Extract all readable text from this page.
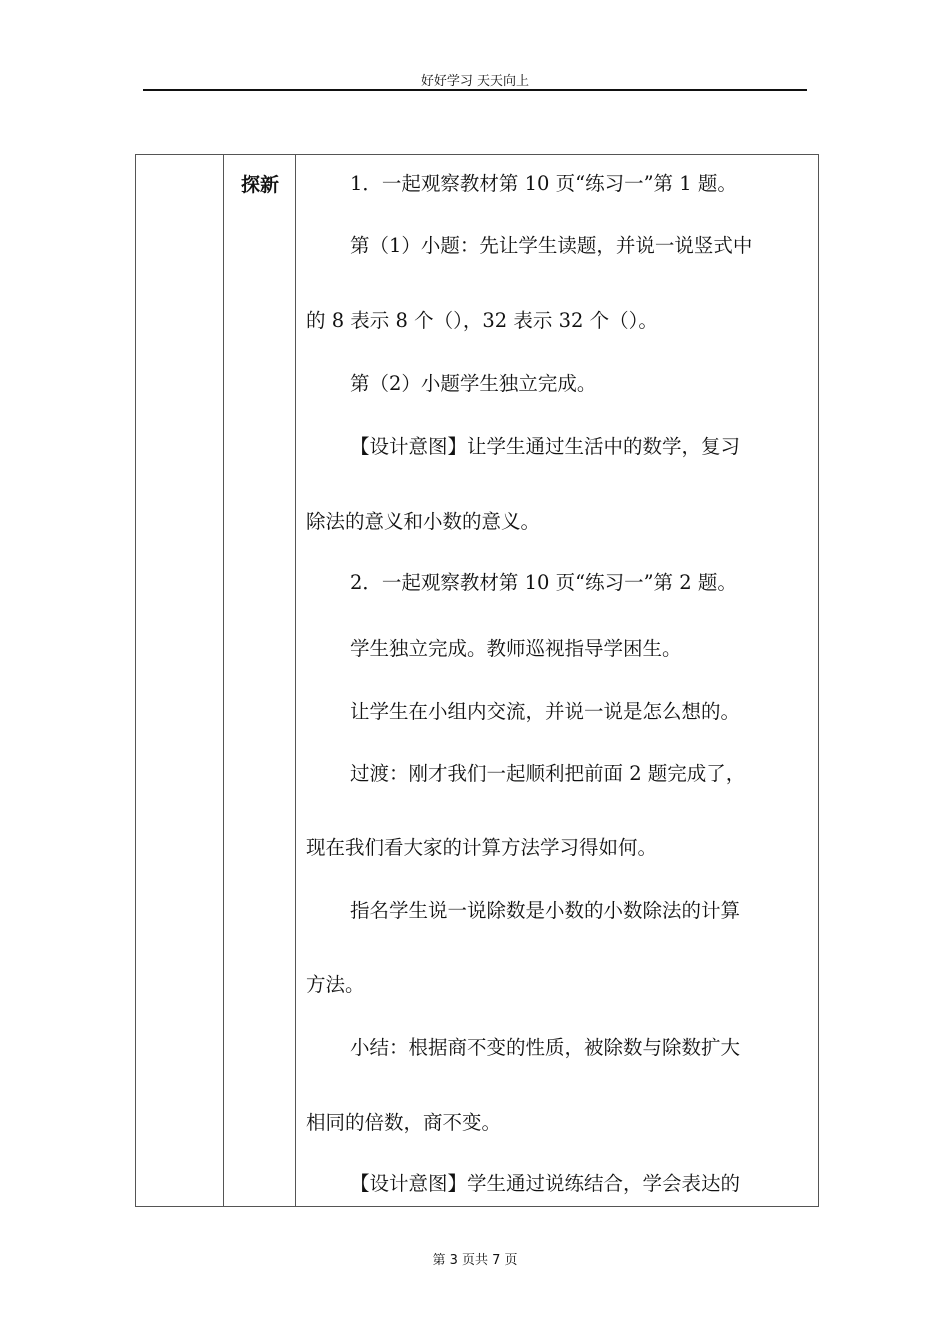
好好学习 天天向上
探新	1．一起观察教材第 10 页“练习一”第 1 题。
第（1）小题：先让学生读题，并说一说竖式中
的 8 表示 8 个（），32 表示 32 个（）。
第（2）小题学生独立完成。
【设计意图】让学生通过生活中的数学，复习
除法的意义和小数的意义。
2．一起观察教材第 10 页“练习一”第 2 题。
学生独立完成。教师巡视指导学困生。
让学生在小组内交流，并说一说是怎么想的。
过渡：刚才我们一起顺利把前面 2 题完成了，
现在我们看大家的计算方法学习得如何。
指名学生说一说除数是小数的小数除法的计算
方法。
小结：根据商不变的性质，被除数与除数扩大
相同的倍数，商不变。
【设计意图】学生通过说练结合，学会表达的
第 3 页共 7 页
